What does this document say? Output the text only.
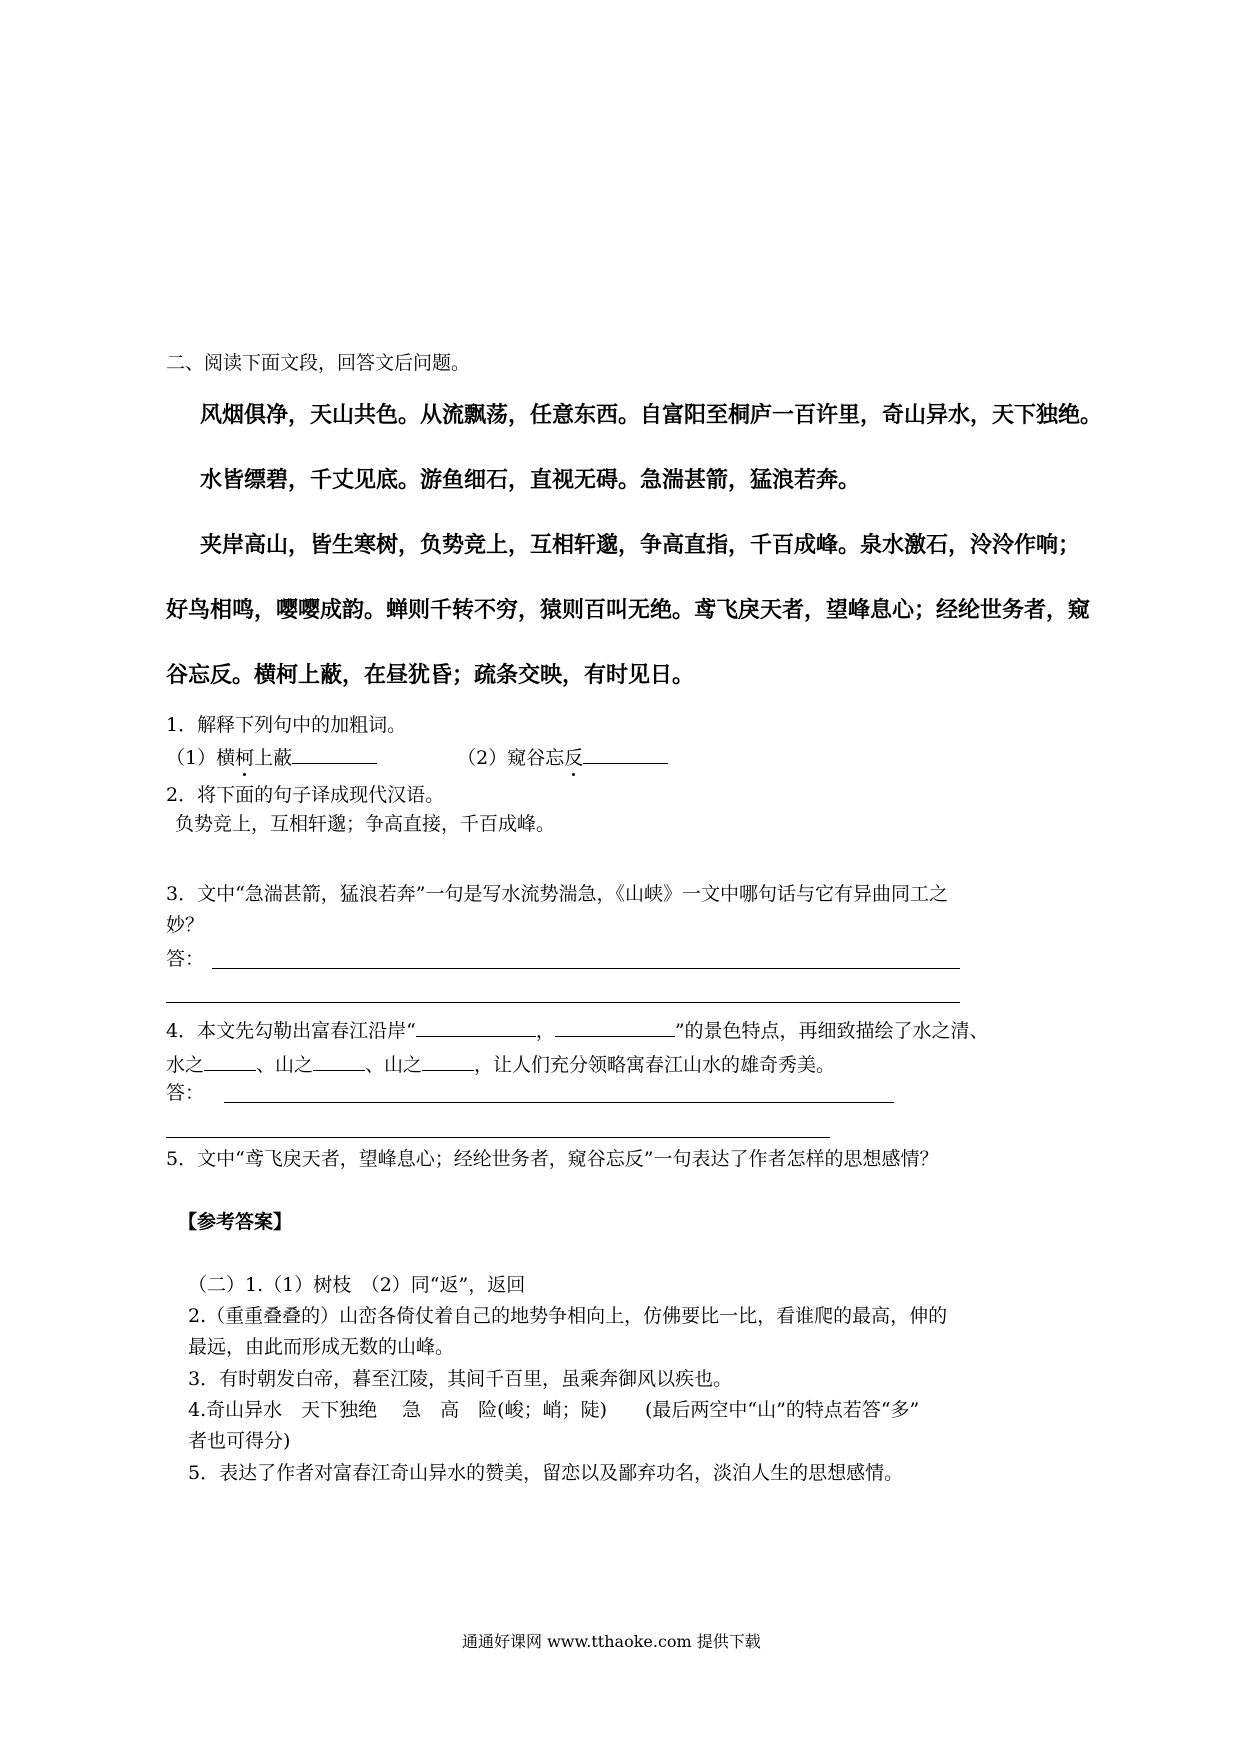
二、阅读下面文段，回答文后问题。
风烟俱净，天山共色。从流飘荡，任意东西。自富阳至桐庐一百许里，奇山异水，天下独绝。
水皆缥碧，千丈见底。游鱼细石，直视无碍。急湍甚箭，猛浪若奔。
夹岸高山，皆生寒树，负势竞上，互相轩邈，争高直指，千百成峰。泉水激石，泠泠作响；
好鸟相鸣，嘤嘤成韵。蝉则千转不穷，猿则百叫无绝。鸢飞戾天者，望峰息心；经纶世务者，窥
谷忘反。横柯上蔽，在昼犹昏；疏条交映，有时见日。
1．解释下列句中的加粗词。
（1）横柯上蔽	（2）窥谷忘反
2．将下面的句子译成现代汉语。
负势竞上，互相轩邈；争高直接，千百成峰。
3．文中“急湍甚箭，猛浪若奔”一句是写水流势湍急，《山峡》一文中哪句话与它有异曲同工之
妙？
答：
4．本文先勾勒出富春江沿岸“	，	”的景色特点，再细致描绘了水之清、
水之	、山之	、山之	，让人们充分领略寓春江山水的雄奇秀美。
答：
5．文中“鸢飞戾天者，望峰息心；经纶世务者，窥谷忘反”一句表达了作者怎样的思想感情？
【参考答案】
（二）1.（1）树枝　（2）同“返”，返回
2.（重重叠叠的）山峦各倚仗着自己的地势争相向上，仿佛要比一比，看谁爬的最高，伸的
最远，由此而形成无数的山峰。
3．有时朝发白帝，暮至江陵，其间千百里，虽乘奔御风以疾也。
4.奇山异水　天下独绝　 急　高　险(峻；峭；陡)　　(最后两空中“山”的特点若答“多”
者也可得分)
5．表达了作者对富春江奇山异水的赞美，留恋以及鄙弃功名，淡泊人生的思想感情。
通通好课网 www.tthaoke.com 提供下载
